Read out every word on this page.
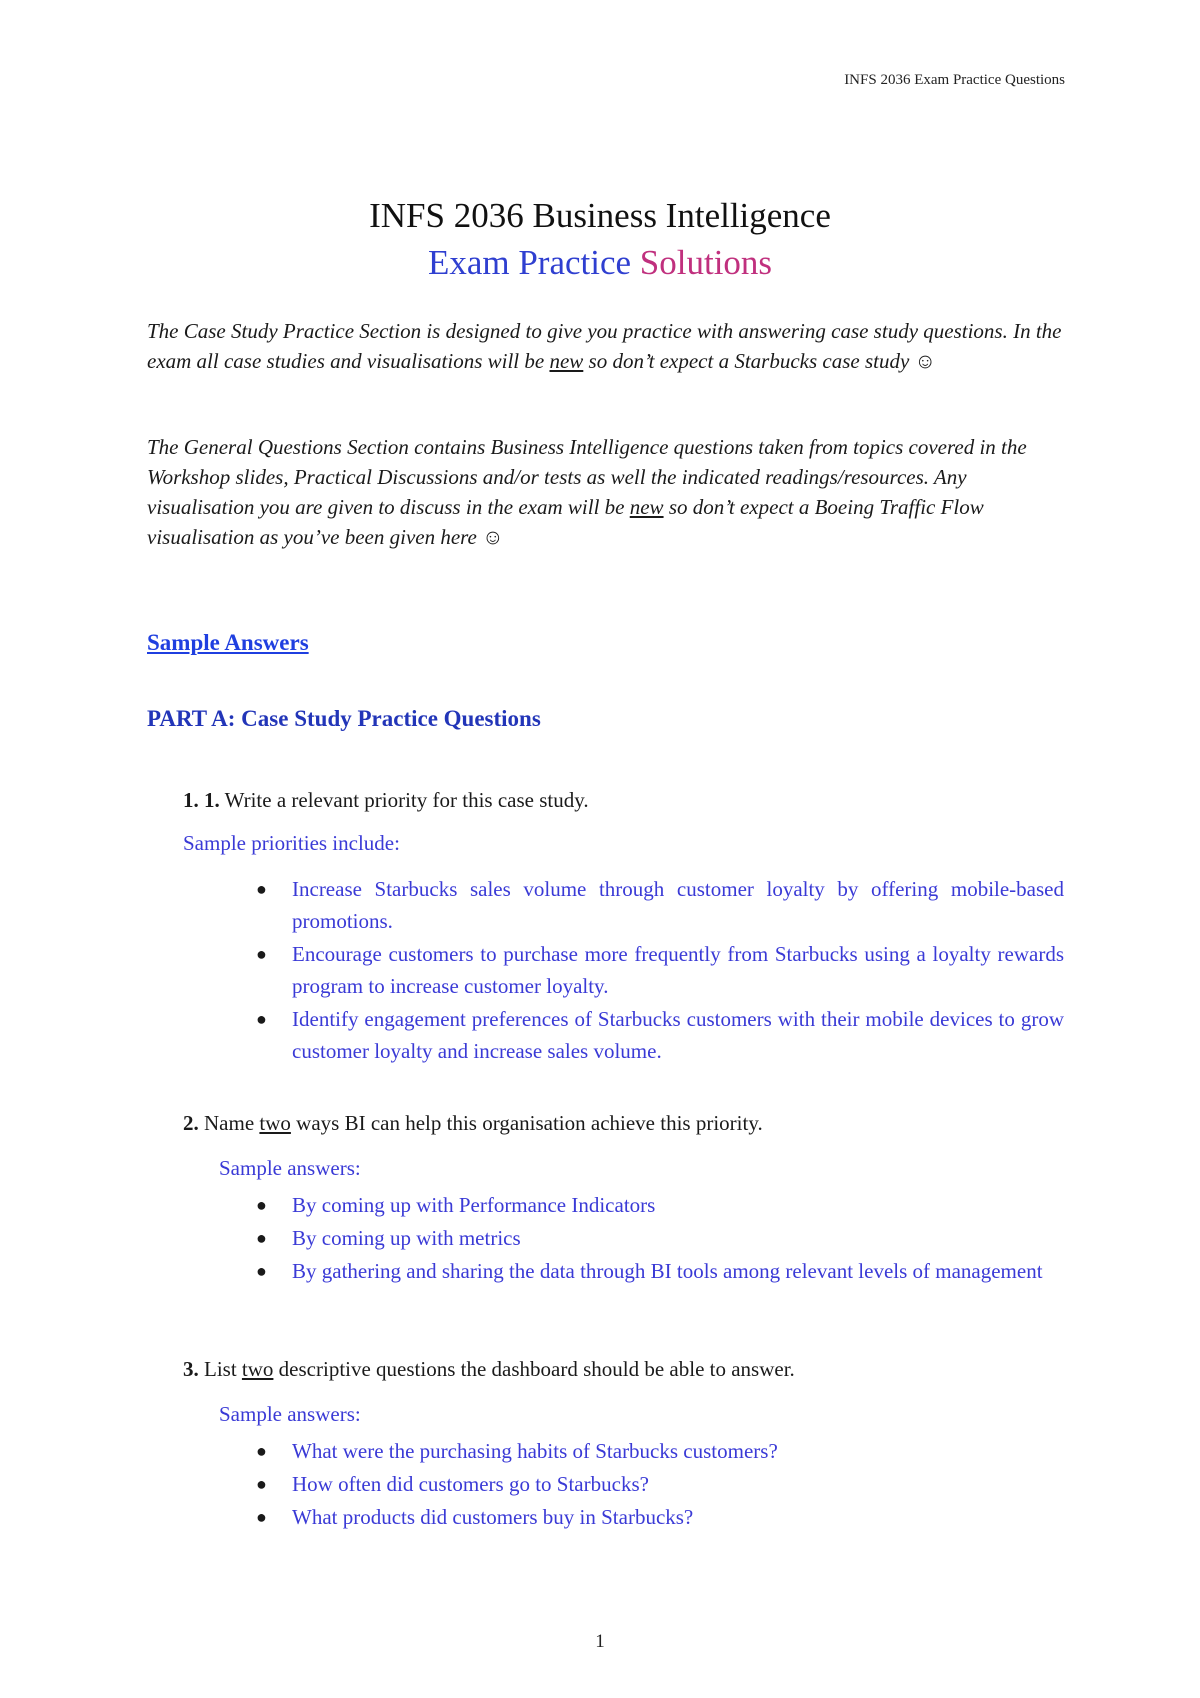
INFS 2036 Exam Practice Questions
INFS 2036 Business Intelligence
Exam Practice Solutions
The Case Study Practice Section is designed to give you practice with answering case study questions. In the exam all case studies and visualisations will be new so don’t expect a Starbucks case study ☺
The General Questions Section contains Business Intelligence questions taken from topics covered in the Workshop slides, Practical Discussions and/or tests as well the indicated readings/resources. Any visualisation you are given to discuss in the exam will be new so don’t expect a Boeing Traffic Flow visualisation as you’ve been given here ☺
Sample Answers
PART A: Case Study Practice Questions
1. 1. Write a relevant priority for this case study.
Sample priorities include:
● Increase Starbucks sales volume through customer loyalty by offering mobile-based promotions.
● Encourage customers to purchase more frequently from Starbucks using a loyalty rewards program to increase customer loyalty.
● Identify engagement preferences of Starbucks customers with their mobile devices to grow customer loyalty and increase sales volume.
2. Name two ways BI can help this organisation achieve this priority.
Sample answers:
● By coming up with Performance Indicators
● By coming up with metrics
● By gathering and sharing the data through BI tools among relevant levels of management
3. List two descriptive questions the dashboard should be able to answer.
Sample answers:
● What were the purchasing habits of Starbucks customers?
● How often did customers go to Starbucks?
● What products did customers buy in Starbucks?
1
